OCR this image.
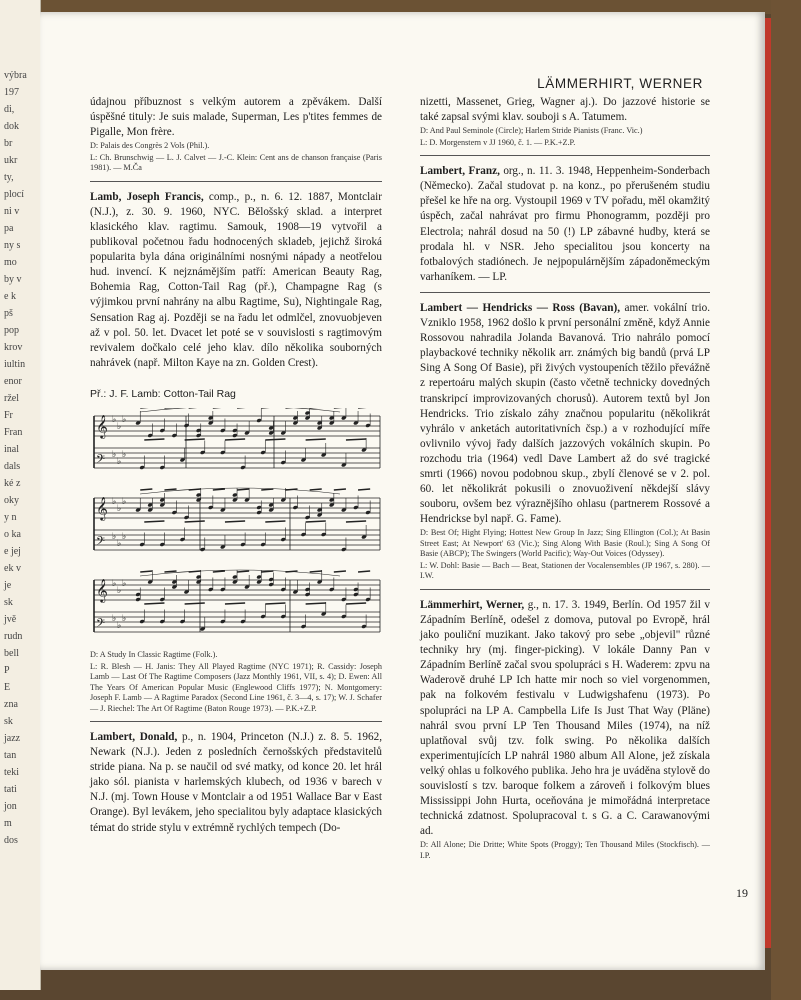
výbra
197
di,
dok
br
ukr
ty,
plocí
ni v
pa
ny s
mo
by v
e k
pš
pop
krov
iultin
enor
ržel
Fr
Fran
inal
dals
ké z
oky
y n
o ka
e jej
ek v
je
sk
jvě
rudn
bell
P
E
zna
sk
jazz
tan
teki
tati
jon
m
dos
LÄMMERHIRT, WERNER
19

údajnou příbuznost s velkým autorem a zpěvákem. Další úspěšné tituly: Je suis malade, Superman, Les p'tites femmes de Pigalle, Mon frère.

D: Palais des Congrès 2 Vols (Phil.).

L: Ch. Brunschwig — L. J. Calvet — J.-C. Klein: Cent ans de chanson française (Paris 1981). — M.Ča

Lamb, Joseph Francis, comp., p., n. 6. 12. 1887, Montclair (N.J.), z. 30. 9. 1960, NYC. Bělošský sklad. a interpret klasického klav. ragtimu. Samouk, 1908—19 vytvořil a publikoval početnou řadu hodnocených skladeb, jejichž široká popularita byla dána originálními nosnými nápady a neotřelou hud. invencí. K nejznámějším patří: American Beauty Rag, Bohemia Rag, Cotton-Tail Rag (př.), Champagne Rag (s výjimkou první nahrány na albu Ragtime, Su), Nightingale Rag, Sensation Rag aj. Později se na řadu let odmlčel, znovuobjeven až v pol. 50. let. Dvacet let poté se v souvislosti s ragtimovým revivalem dočkalo celé jeho klav. dílo několika souborných nahrávek (např. Milton Kaye na zn. Golden Crest).

Př.: J. F. Lamb: Cotton-Tail Rag

𝄞 ♭
♭
♭
𝄢 ♭
♭
♭
𝄞 ♭
♭
♭
𝄢 ♭
♭
♭
𝄞 ♭
♭
♭
𝄢 ♭
♭
♭

D: A Study In Classic Ragtime (Folk.).

L: R. Blesh — H. Janis: They All Played Ragtime (NYC 1971); R. Cassidy: Joseph Lamb — Last Of The Ragtime Composers (Jazz Monthly 1961, VII, s. 4); D. Ewen: All The Years Of American Popular Music (Englewood Cliffs 1977); N. Montgomery: Joseph F. Lamb — A Ragtime Paradox (Second Line 1961, č. 3—4, s. 17); W. J. Schafer — J. Riechel: The Art Of Ragtime (Baton Rouge 1973). — P.K.+Z.P.

Lambert, Donald, p., n. 1904, Princeton (N.J.) z. 8. 5. 1962, Newark (N.J.). Jeden z posledních černošských představitelů stride piana. Na p. se naučil od své matky, od konce 20. let hrál jako sól. pianista v harlemských klubech, od 1936 v barech v N.J. (mj. Town House v Montclair a od 1951 Wallace Bar v East Orange). Byl levákem, jeho specialitou byly adaptace klasických témat do stride stylu v extrémně rychlých tempech (Do-

nizetti, Massenet, Grieg, Wagner aj.). Do jazzové historie se také zapsal svými klav. souboji s A. Tatumem.

D: And Paul Seminole (Circle); Harlem Stride Pianists (Franc. Vic.)

L: D. Morgenstern v JJ 1960, č. 1. — P.K.+Z.P.

Lambert, Franz, org., n. 11. 3. 1948, Heppenheim-Sonderbach (Německo). Začal studovat p. na konz., po přerušeném studiu přešel ke hře na org. Vystoupil 1969 v TV pořadu, měl okamžitý úspěch, začal nahrávat pro firmu Phonogramm, později pro Electrola; nahrál dosud na 50 (!) LP zábavné hudby, která se prodala hl. v NSR. Jeho specialitou jsou koncerty na fotbalových stadiónech. Je nejpopulárnějším západoněmeckým varhaníkem. — LP.

Lambert — Hendricks — Ross (Bavan), amer. vokální trio. Vzniklo 1958, 1962 došlo k první personální změně, když Annie Rossovou nahradila Jolanda Bavanová. Trio nahrálo pomocí playbackové techniky několik arr. známých big bandů (prvá LP Sing A Song Of Basie), při živých vystoupeních těžilo převážně z repertoáru malých skupin (často včetně technicky dovedných transkripcí improvizovaných chorusů). Autorem textů byl Jon Hendricks. Trio získalo záhy značnou popularitu (několikrát vyhrálo v anketách autoritativních čsp.) a v rozhodující míře ovlivnilo vývoj řady dalších jazzových vokálních skupin. Po rozchodu tria (1964) vedl Dave Lambert až do své tragické smrti (1966) novou podobnou skup., zbylí členové se v 2. pol. 60. let několikrát pokusili o znovuoživení někdejší slávy souboru, ovšem bez výraznějšího ohlasu (partnerem Rossové a Hendrickse byl např. G. Fame).

D: Best Of; Hight Flying; Hottest New Group In Jazz; Sing Ellington (Col.); At Basin Street East; At Newport' 63 (Vic.); Sing Along With Basie (Roul.); Sing A Song Of Basie (ABCP); The Swingers (World Pacific); Way-Out Voices (Odyssey).

L: W. Dohl: Basie — Bach — Beat, Stationen der Vocalensembles (JP 1967, s. 280). — I.W.

Lämmerhirt, Werner, g., n. 17. 3. 1949, Berlín. Od 1957 žil v Západním Berlíně, odešel z domova, putoval po Evropě, hrál jako pouliční muzikant. Jako takový pro sebe „objevil" různé techniky hry (mj. finger-picking). V lokále Danny Pan v Západním Berlíně začal svou spolupráci s H. Waderem: zpvu na Waderově druhé LP Ich hatte mir noch so viel vorgenommen, pak na folkovém festivalu v Ludwigshafenu (1973). Po spolupráci na LP A. Campbella Life Is Just That Way (Pläne) nahrál svou první LP Ten Thousand Miles (1974), na níž uplatňoval svůj tzv. folk swing. Po několika dalších experimentujících LP nahrál 1980 album All Alone, jež získala velký ohlas u folkového publika. Jeho hra je uváděna stylově do souvislostí s tzv. baroque folkem a zároveň i folkovým blues Mississippi John Hurta, oceňována je mimořádná interpretace technická zdatnost. Spolupracoval t. s G. a C. Carawanovými ad.

D: All Alone; Die Dritte; White Spots (Proggy); Ten Thousand Miles (Stockfisch). — I.P.
